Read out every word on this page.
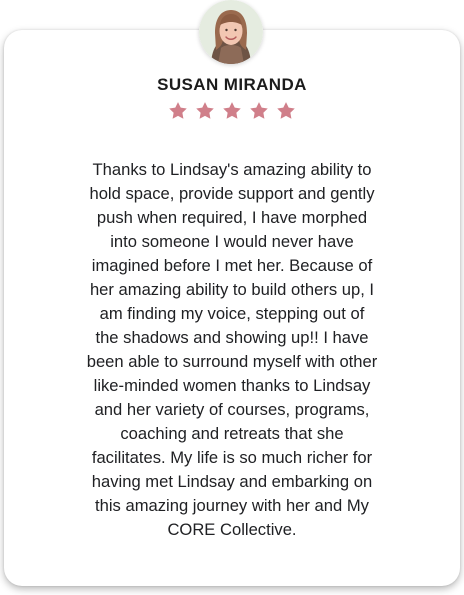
SUSAN MIRANDA
Thanks to Lindsay's amazing ability to
hold space, provide support and gently
push when required, I have morphed
into someone I would never have
imagined before I met her. Because of
her amazing ability to build others up, I
am finding my voice, stepping out of
the shadows and showing up!! I have
been able to surround myself with other
like-minded women thanks to Lindsay
and her variety of courses, programs,
coaching and retreats that she
facilitates. My life is so much richer for
having met Lindsay and embarking on
this amazing journey with her and My
CORE Collective.
